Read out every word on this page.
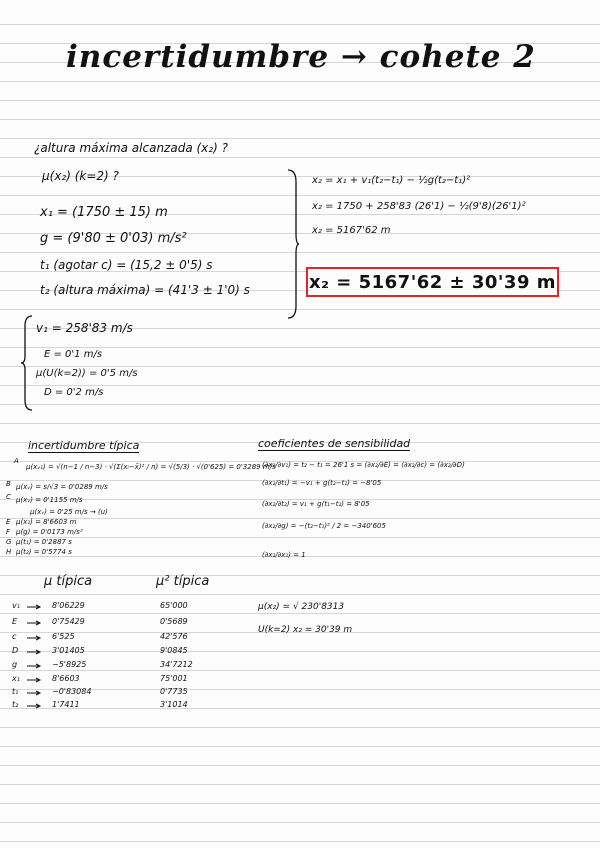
incertidumbre → cohete 2
¿altura máxima alcanzada (x₂) ?
µ(x₂) (k=2) ?
x₁ = (1750 ± 15) m
g = (9'80 ± 0'03) m/s²
t₁ (agotar c) = (15,2 ± 0'5) s
t₂ (altura máxima) = (41'3 ± 1'0) s
x₂ = x₁ + v₁(t₂−t₁) − ½g(t₂−t₁)²
x₂ = 1750 + 258'83 (26'1) − ½(9'8)(26'1)²
x₂ = 5167'62 m
x₂ = 5167'62 ± 30'39 m
v₁ = 258'83 m/s
E = 0'1 m/s
µ(U(k=2)) = 0'5 m/s
D = 0'2 m/s
incertidumbre típica
A
µ(xᵥ₁) = √(n−1 / n−3) · √(Σ(xᵢ−x̄)² / n) = √(5/3) · √(0'625) = 0'3289 m/s
B µ(xᵥ) = s/√3 = 0'0289 m/s
C µ(xᵥ) = 0'1155 m/s
µ(xᵥ) = 0'25 m/s → (u)
E µ(x₁) = 8'6603 m
F µ(g) = 0'0173 m/s²
G µ(t₁) = 0'2887 s
H µ(t₂) = 0'5774 s
coeficientes de sensibilidad
(∂x₂/∂v₁) = t₂ − t₁ = 26'1 s = (∂x₂/∂E) = (∂x₂/∂c) = (∂x₂/∂D)
(∂x₂/∂t₁) = −v₁ + g(t₂−t₁) = −8'05
(∂x₂/∂t₂) = v₁ + g(t₁−t₂) = 8'05
(∂x₂/∂g) = −(t₂−t₁)² / 2 = −340'605
(∂x₂/∂x₁) = 1
µ típica	µ² típica
v₁	8'06229	65'000
E	0'75429	0'5689
c	6'525	42'576
D	3'01405	9'0845
g	−5'8925	34'7212
x₁	8'6603	75'001
t₁	−0'83084	0'7735
t₂	1'7411	3'1014
µ(x₂) = √ 230'8313
U(k=2) x₂ = 30'39 m
